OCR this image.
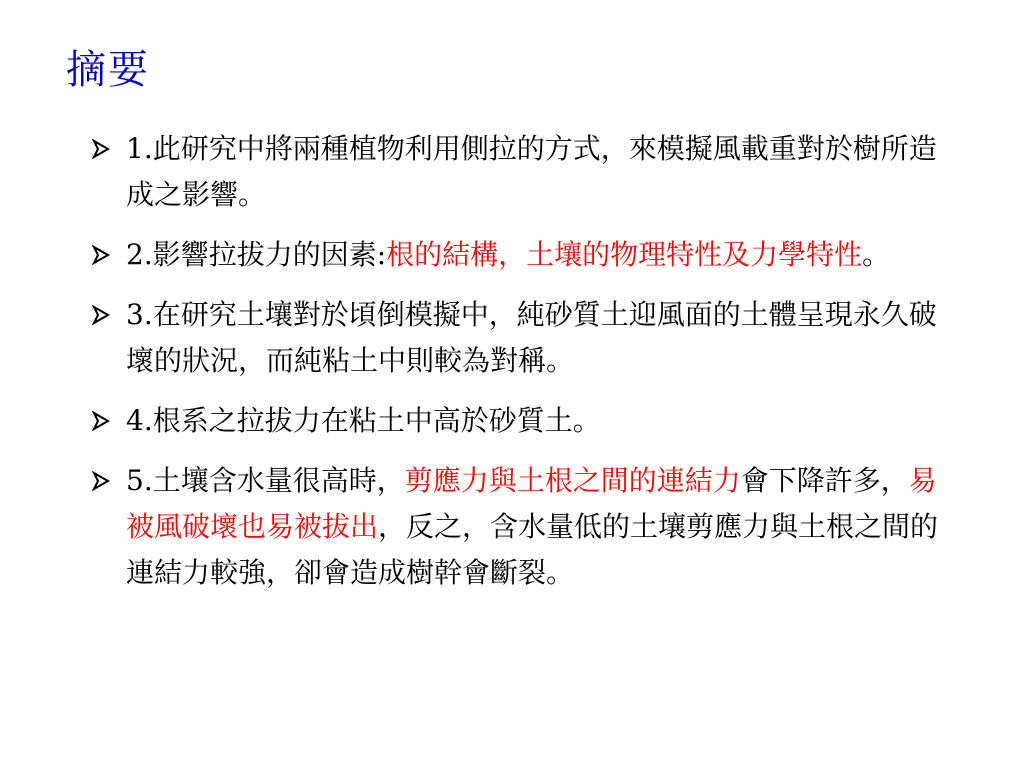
摘要
1.此研究中將兩種植物利用側拉的方式，來模擬風載重對於樹所造成之影響。
2.影響拉拔力的因素:根的結構，土壤的物理特性及力學特性。
3.在研究土壤對於頃倒模擬中，純砂質土迎風面的土體呈現永久破壞的狀況，而純粘土中則較為對稱。
4.根系之拉拔力在粘土中高於砂質土。
5.土壤含水量很高時，剪應力與土根之間的連結力會下降許多，易被風破壞也易被拔出，反之，含水量低的土壤剪應力與土根之間的連結力較強，卻會造成樹幹會斷裂。
